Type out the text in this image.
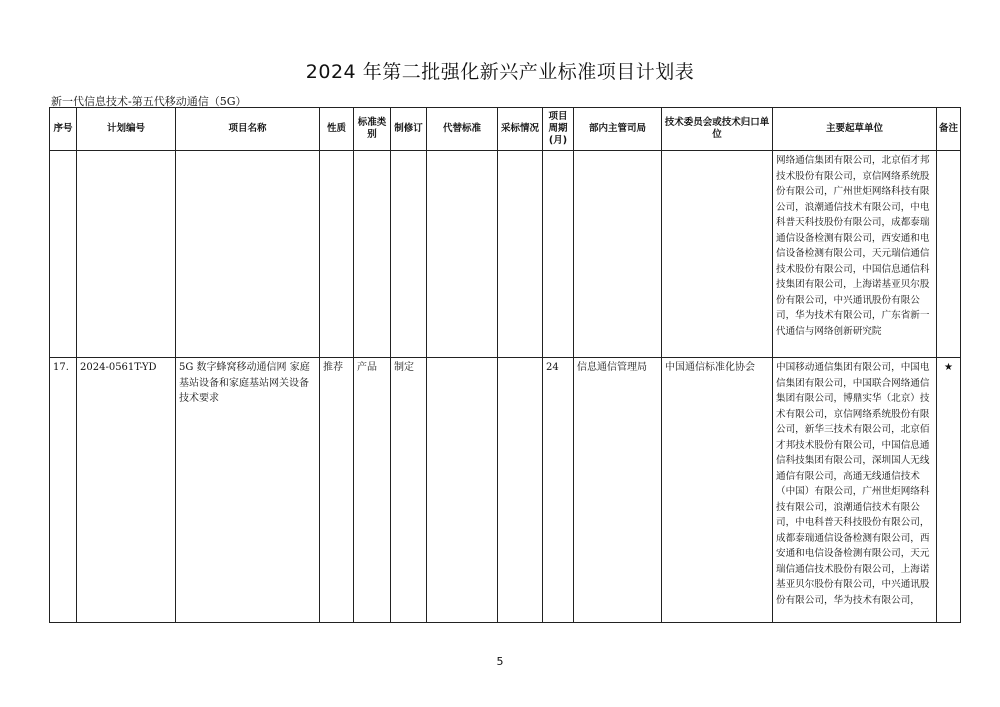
2024 年第二批强化新兴产业标准项目计划表
新一代信息技术-第五代移动通信（5G）
序号	计划编号	项目名称	性质	标准类别	制修订	代替标准	采标情况	项目周期(月)	部内主管司局	技术委员会或技术归口单位	主要起草单位	备注
											网络通信集团有限公司，北京佰才邦技术股份有限公司，京信网络系统股份有限公司，广州世炬网络科技有限公司，浪潮通信技术有限公司，中电科普天科技股份有限公司，成都泰瑞通信设备检测有限公司，西安通和电信设备检测有限公司，天元瑞信通信技术股份有限公司，中国信息通信科技集团有限公司，上海诺基亚贝尔股份有限公司，中兴通讯股份有限公司，华为技术有限公司，广东省新一代通信与网络创新研究院	
17.	2024-0561T-YD	5G 数字蜂窝移动通信网 家庭基站设备和家庭基站网关设备技术要求	推荐	产品	制定			24	信息通信管理局	中国通信标准化协会	中国移动通信集团有限公司，中国电信集团有限公司，中国联合网络通信集团有限公司，博鼎实华（北京）技术有限公司，京信网络系统股份有限公司，新华三技术有限公司，北京佰才邦技术股份有限公司，中国信息通信科技集团有限公司，深圳国人无线通信有限公司，高通无线通信技术（中国）有限公司，广州世炬网络科技有限公司，浪潮通信技术有限公司，中电科普天科技股份有限公司，成都泰瑞通信设备检测有限公司，西安通和电信设备检测有限公司，天元瑞信通信技术股份有限公司，上海诺基亚贝尔股份有限公司，中兴通讯股份有限公司，华为技术有限公司，	★
5
